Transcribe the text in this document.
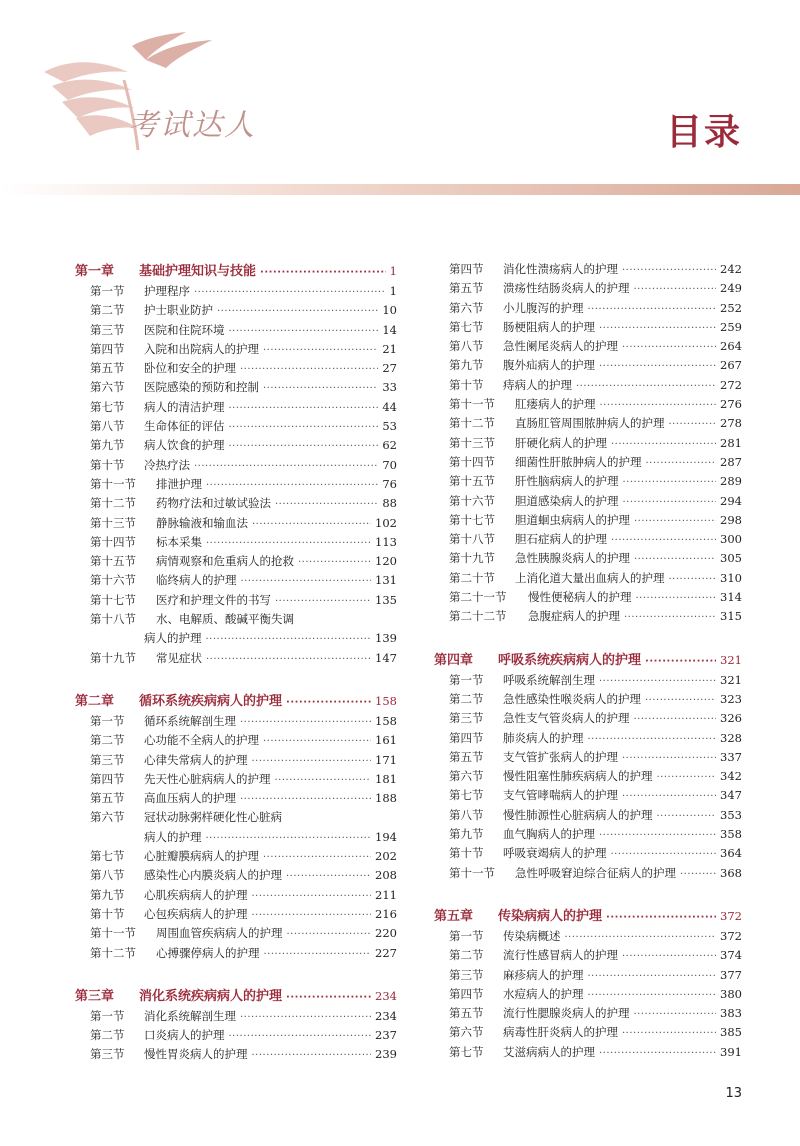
考试达人	目录
第一章	基础护理知识与技能 ·····	1
第一节	护理程序 ·····	1
第二节	护士职业防护 ·····	10
第三节	医院和住院环境 ·····	14
第四节	入院和出院病人的护理 ·····	21
第五节	卧位和安全的护理 ·····	27
第六节	医院感染的预防和控制 ·····	33
第七节	病人的清洁护理 ·····	44
第八节	生命体征的评估 ·····	53
第九节	病人饮食的护理 ·····	62
第十节	冷热疗法 ·····	70
第十一节	排泄护理 ·····	76
第十二节	药物疗法和过敏试验法 ·····	88
第十三节	静脉输液和输血法 ·····	102
第十四节	标本采集 ·····	113
第十五节	病情观察和危重病人的抢救 ·····	120
第十六节	临终病人的护理 ·····	131
第十七节	医疗和护理文件的书写 ·····	135
第十八节	水、电解质、酸碱平衡失调
病人的护理 ·····	139
第十九节	常见症状 ·····	147
第二章	循环系统疾病病人的护理 ·····	158
第一节	循环系统解剖生理 ·····	158
第二节	心功能不全病人的护理 ·····	161
第三节	心律失常病人的护理 ·····	171
第四节	先天性心脏病病人的护理 ·····	181
第五节	高血压病人的护理 ·····	188
第六节	冠状动脉粥样硬化性心脏病
病人的护理 ·····	194
第七节	心脏瓣膜病病人的护理 ·····	202
第八节	感染性心内膜炎病人的护理 ·····	208
第九节	心肌疾病病人的护理 ·····	211
第十节	心包疾病病人的护理 ·····	216
第十一节	周围血管疾病病人的护理 ·····	220
第十二节	心搏骤停病人的护理 ·····	227
第三章	消化系统疾病病人的护理 ·····	234
第一节	消化系统解剖生理 ·····	234
第二节	口炎病人的护理 ·····	237
第三节	慢性胃炎病人的护理 ·····	239
第四节	消化性溃疡病人的护理 ·····	242
第五节	溃疡性结肠炎病人的护理 ·····	249
第六节	小儿腹泻的护理 ·····	252
第七节	肠梗阻病人的护理 ·····	259
第八节	急性阑尾炎病人的护理 ·····	264
第九节	腹外疝病人的护理 ·····	267
第十节	痔病人的护理 ·····	272
第十一节	肛瘘病人的护理 ·····	276
第十二节	直肠肛管周围脓肿病人的护理 ·····	278
第十三节	肝硬化病人的护理 ·····	281
第十四节	细菌性肝脓肿病人的护理 ·····	287
第十五节	肝性脑病病人的护理 ·····	289
第十六节	胆道感染病人的护理 ·····	294
第十七节	胆道蛔虫病病人的护理 ·····	298
第十八节	胆石症病人的护理 ·····	300
第十九节	急性胰腺炎病人的护理 ·····	305
第二十节	上消化道大量出血病人的护理 ·····	310
第二十一节	慢性便秘病人的护理 ·····	314
第二十二节	急腹症病人的护理 ·····	315
第四章	呼吸系统疾病病人的护理 ·····	321
第一节	呼吸系统解剖生理 ·····	321
第二节	急性感染性喉炎病人的护理 ·····	323
第三节	急性支气管炎病人的护理 ·····	326
第四节	肺炎病人的护理 ·····	328
第五节	支气管扩张病人的护理 ·····	337
第六节	慢性阻塞性肺疾病病人的护理 ·····	342
第七节	支气管哮喘病人的护理 ·····	347
第八节	慢性肺源性心脏病病人的护理 ·····	353
第九节	血气胸病人的护理 ·····	358
第十节	呼吸衰竭病人的护理 ·····	364
第十一节	急性呼吸窘迫综合征病人的护理 ·····	368
第五章	传染病病人的护理 ·····	372
第一节	传染病概述 ·····	372
第二节	流行性感冒病人的护理 ·····	374
第三节	麻疹病人的护理 ·····	377
第四节	水痘病人的护理 ·····	380
第五节	流行性腮腺炎病人的护理 ·····	383
第六节	病毒性肝炎病人的护理 ·····	385
第七节	艾滋病病人的护理 ·····	391
13
